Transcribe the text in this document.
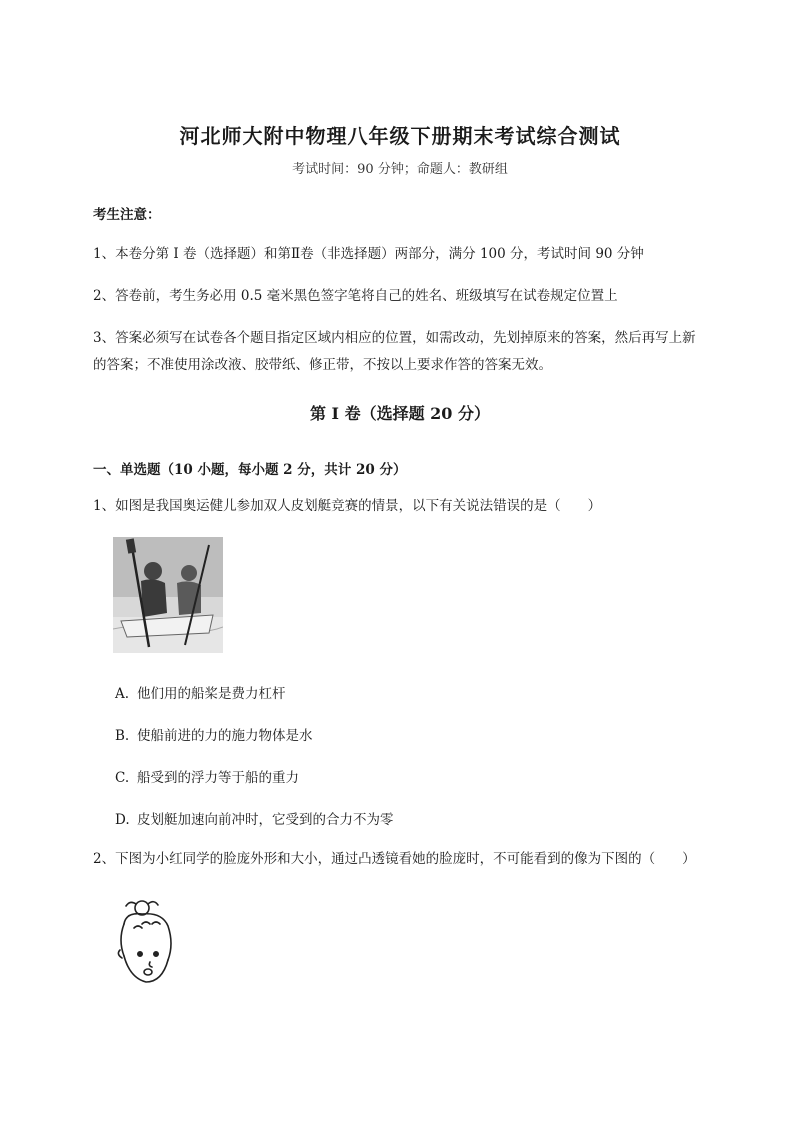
河北师大附中物理八年级下册期末考试综合测试
考试时间：90 分钟；命题人：教研组
考生注意：
1、本卷分第 I 卷（选择题）和第Ⅱ卷（非选择题）两部分，满分 100 分，考试时间 90 分钟
2、答卷前，考生务必用 0.5 毫米黑色签字笔将自己的姓名、班级填写在试卷规定位置上
3、答案必须写在试卷各个题目指定区域内相应的位置，如需改动，先划掉原来的答案，然后再写上新
的答案；不准使用涂改液、胶带纸、修正带，不按以上要求作答的答案无效。
第 I 卷（选择题 20 分）
一、单选题（10 小题，每小题 2 分，共计 20 分）
1、如图是我国奥运健儿参加双人皮划艇竞赛的情景，以下有关说法错误的是（　　）
A. 他们用的船桨是费力杠杆
B. 使船前进的力的施力物体是水
C. 船受到的浮力等于船的重力
D. 皮划艇加速向前冲时，它受到的合力不为零
2、下图为小红同学的脸庞外形和大小，通过凸透镜看她的脸庞时，不可能看到的像为下图的（　　）
